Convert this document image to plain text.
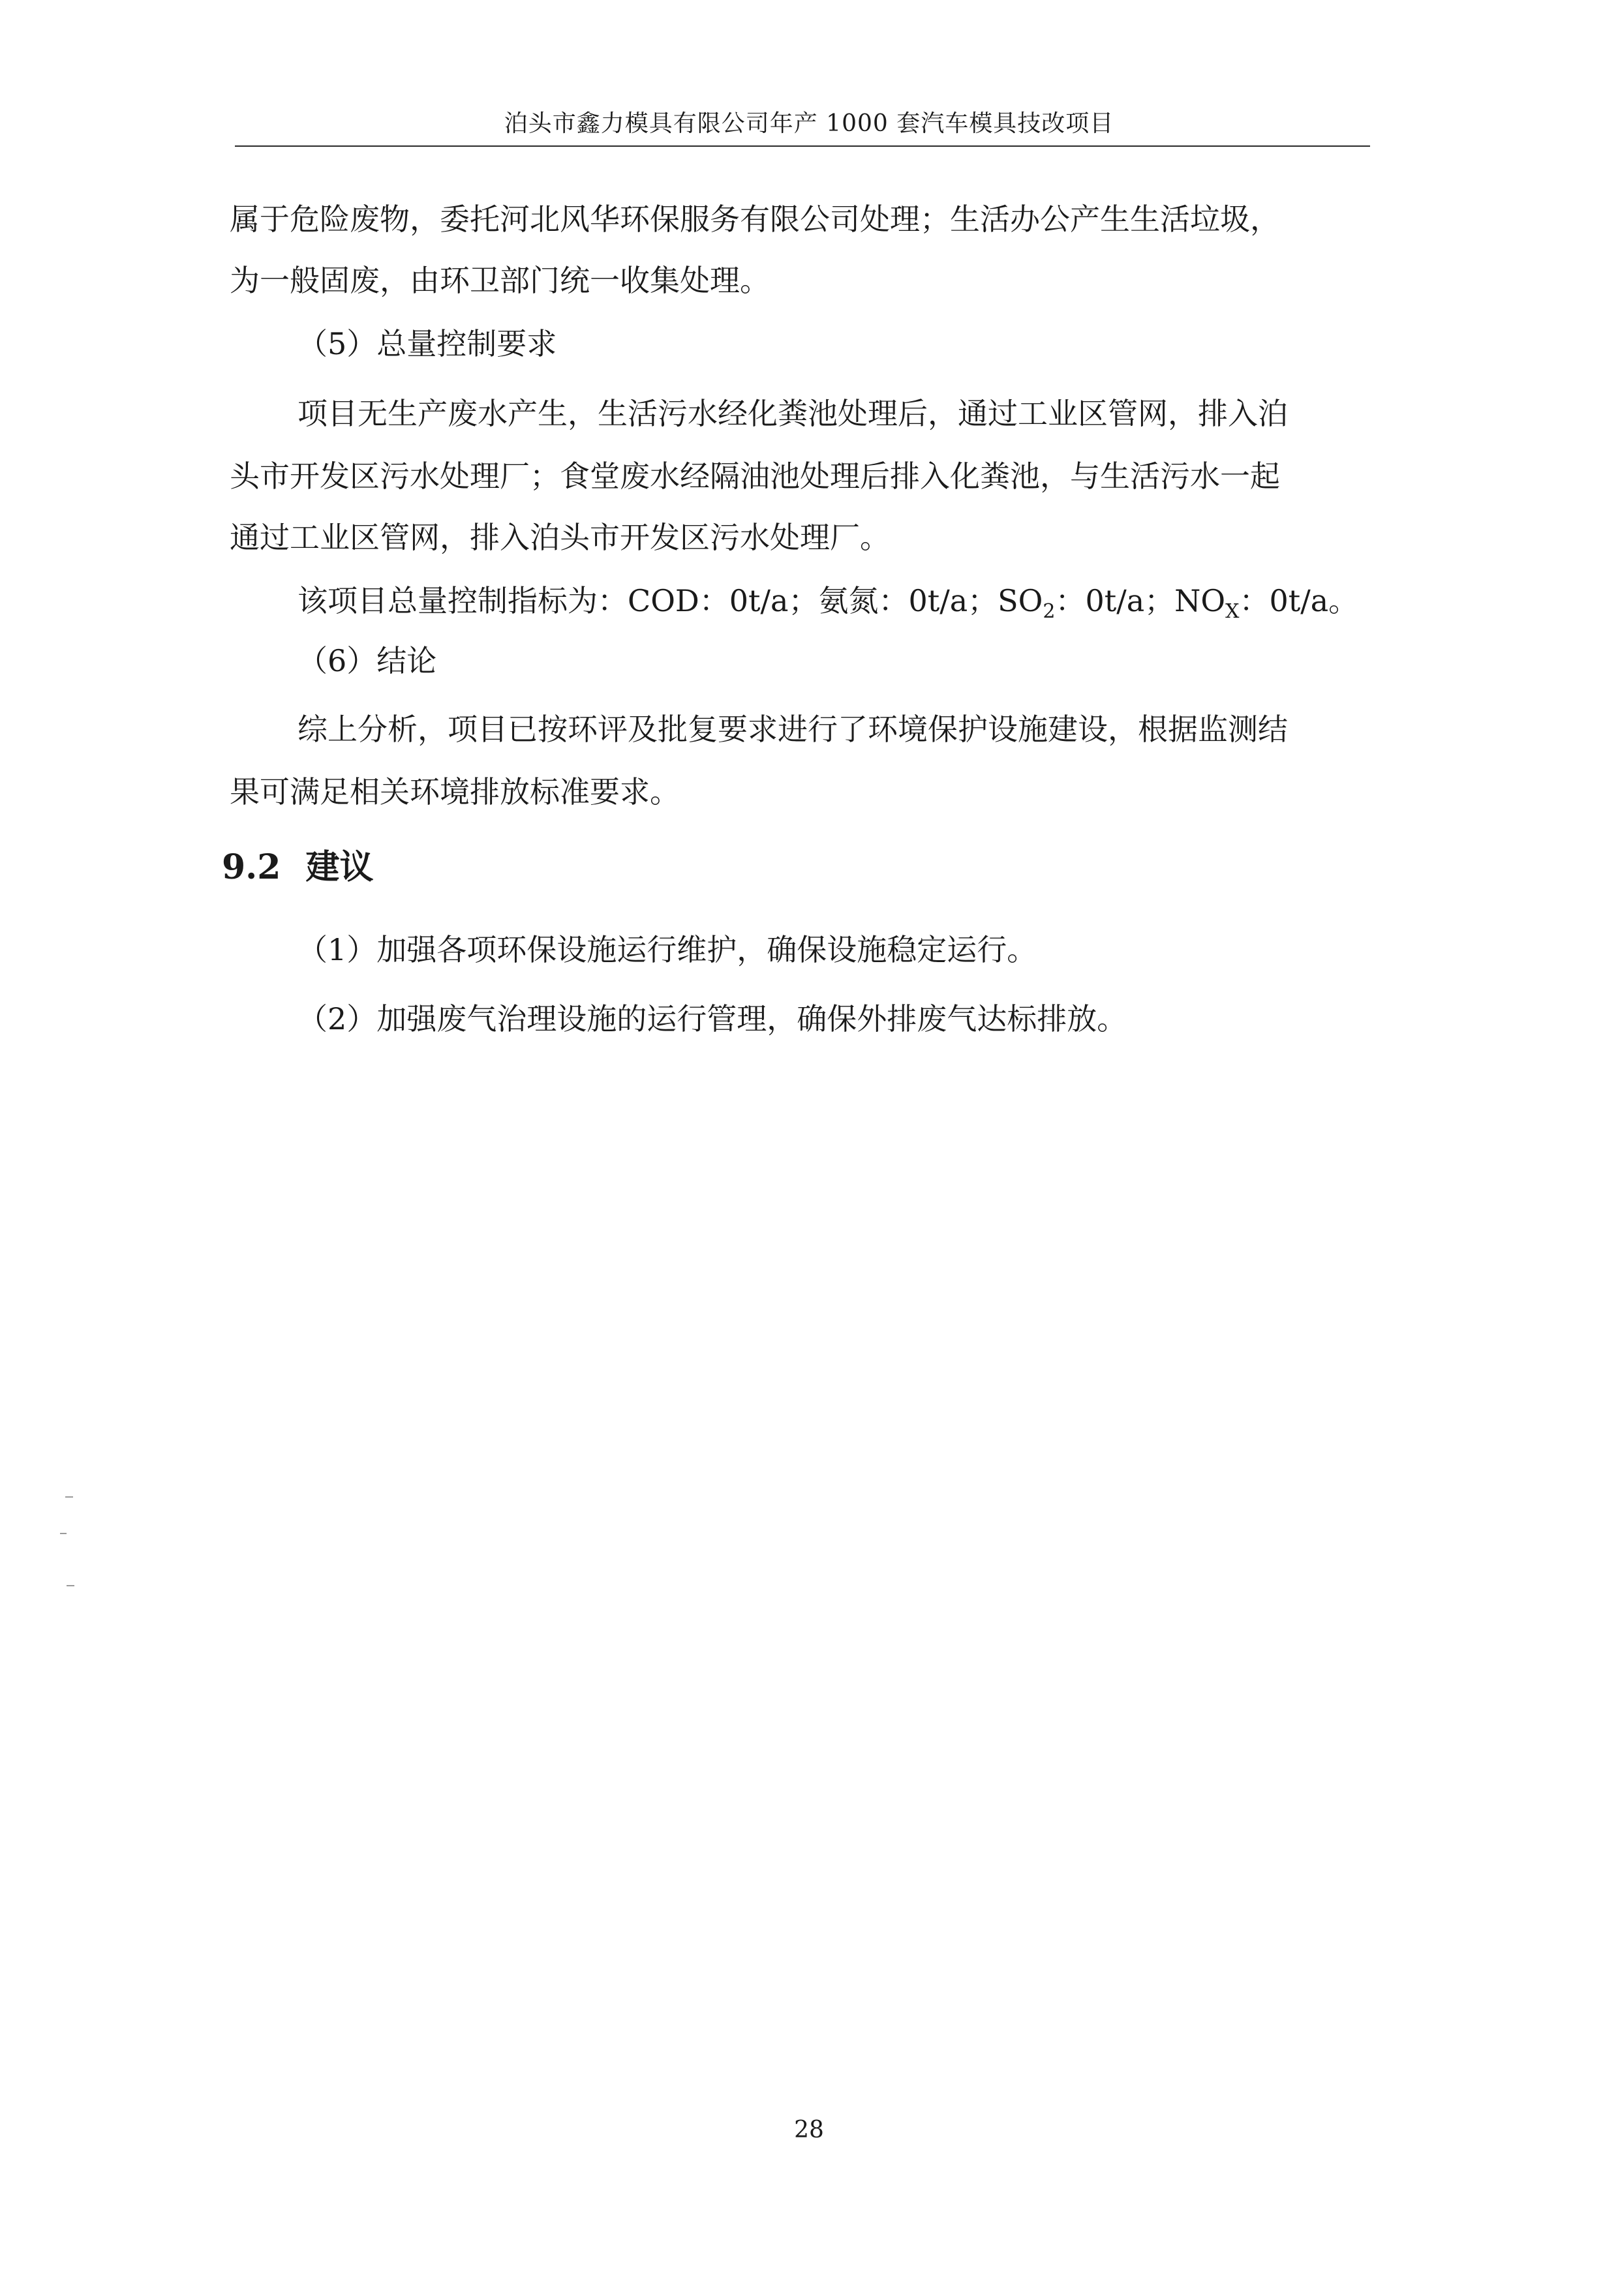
泊头市鑫力模具有限公司年产 1000 套汽车模具技改项目
属于危险废物，委托河北风华环保服务有限公司处理；生活办公产生生活垃圾，
为一般固废，由环卫部门统一收集处理。
（5）总量控制要求
项目无生产废水产生，生活污水经化粪池处理后，通过工业区管网，排入泊
头市开发区污水处理厂；食堂废水经隔油池处理后排入化粪池，与生活污水一起
通过工业区管网，排入泊头市开发区污水处理厂。
该项目总量控制指标为：COD：0t/a；氨氮：0t/a；$SO_2$：0t/a；$NO_X$：0t/a。
（6）结论
综上分析，项目已按环评及批复要求进行了环境保护设施建设，根据监测结
果可满足相关环境排放标准要求。
9.2 建议
（1）加强各项环保设施运行维护，确保设施稳定运行。
（2）加强废气治理设施的运行管理，确保外排废气达标排放。
28
